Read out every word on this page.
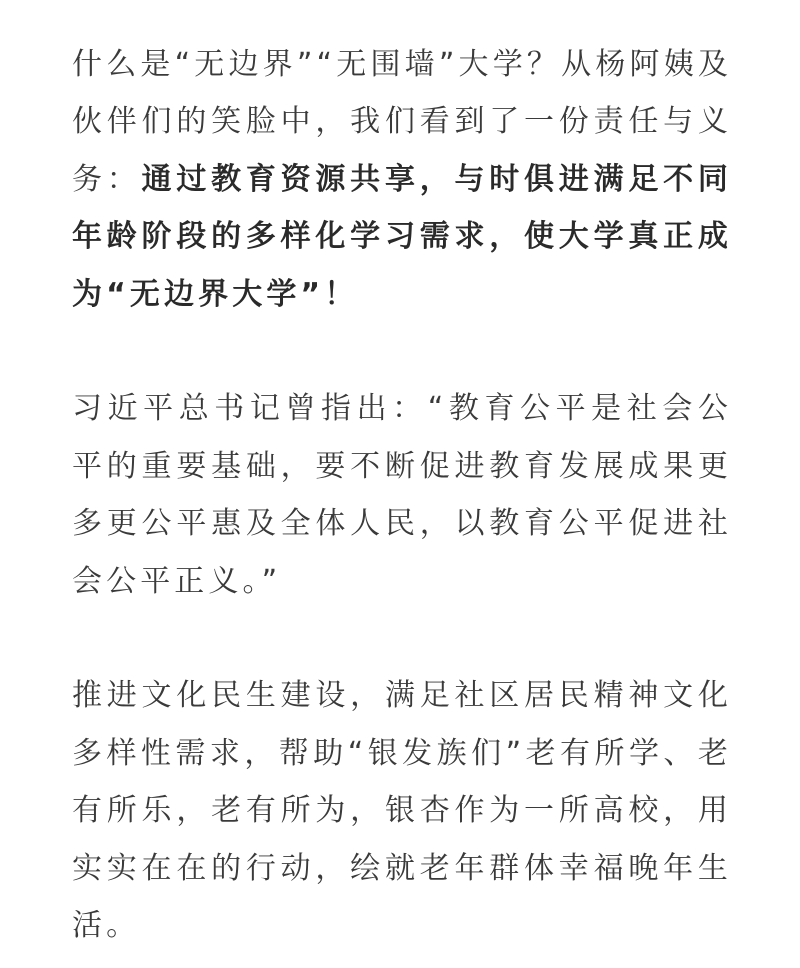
什么是“无边界”“无围墙”大学？从杨阿姨及伙伴们的笑脸中，我们看到了一份责任与义务：通过教育资源共享，与时俱进满足不同年龄阶段的多样化学习需求，使大学真正成为“无边界大学”！

习近平总书记曾指出：“教育公平是社会公平的重要基础，要不断促进教育发展成果更多更公平惠及全体人民，以教育公平促进社会公平正义。”

推进文化民生建设，满足社区居民精神文化多样性需求，帮助“银发族们”老有所学、老有所乐，老有所为，银杏作为一所高校，用实实在在的行动，绘就老年群体幸福晚年生活。
